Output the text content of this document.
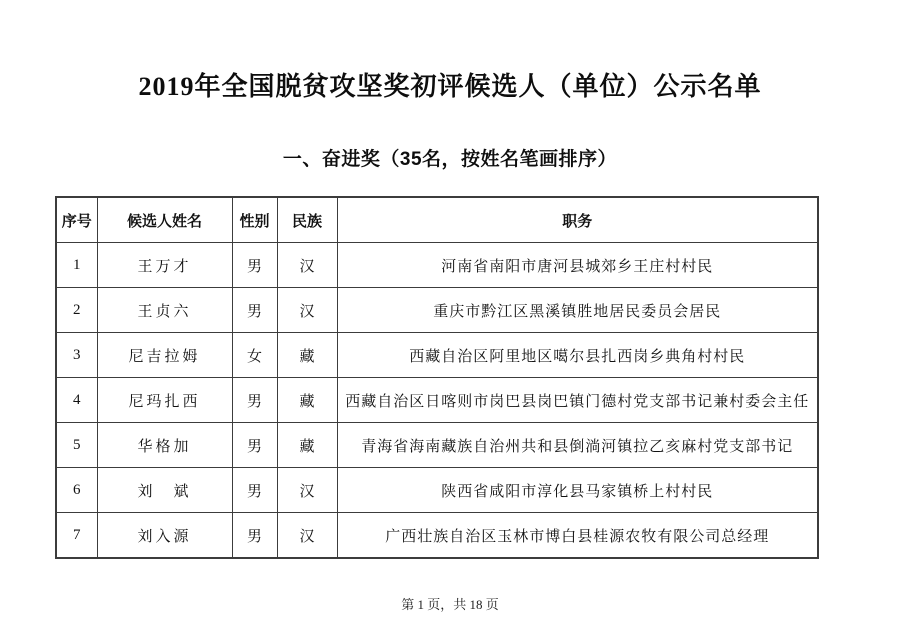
2019年全国脱贫攻坚奖初评候选人（单位）公示名单
一、奋进奖（35名，按姓名笔画排序）
序号	候选人姓名	性别	民族	职务
1	王万才	男	汉	河南省南阳市唐河县城郊乡王庄村村民
2	王贞六	男	汉	重庆市黔江区黑溪镇胜地居民委员会居民
3	尼吉拉姆	女	藏	西藏自治区阿里地区噶尔县扎西岗乡典角村村民
4	尼玛扎西	男	藏	西藏自治区日喀则市岗巴县岗巴镇门德村党支部书记兼村委会主任
5	华格加	男	藏	青海省海南藏族自治州共和县倒淌河镇拉乙亥麻村党支部书记
6	刘　斌	男	汉	陕西省咸阳市淳化县马家镇桥上村村民
7	刘入源	男	汉	广西壮族自治区玉林市博白县桂源农牧有限公司总经理
第 1 页，共 18 页
